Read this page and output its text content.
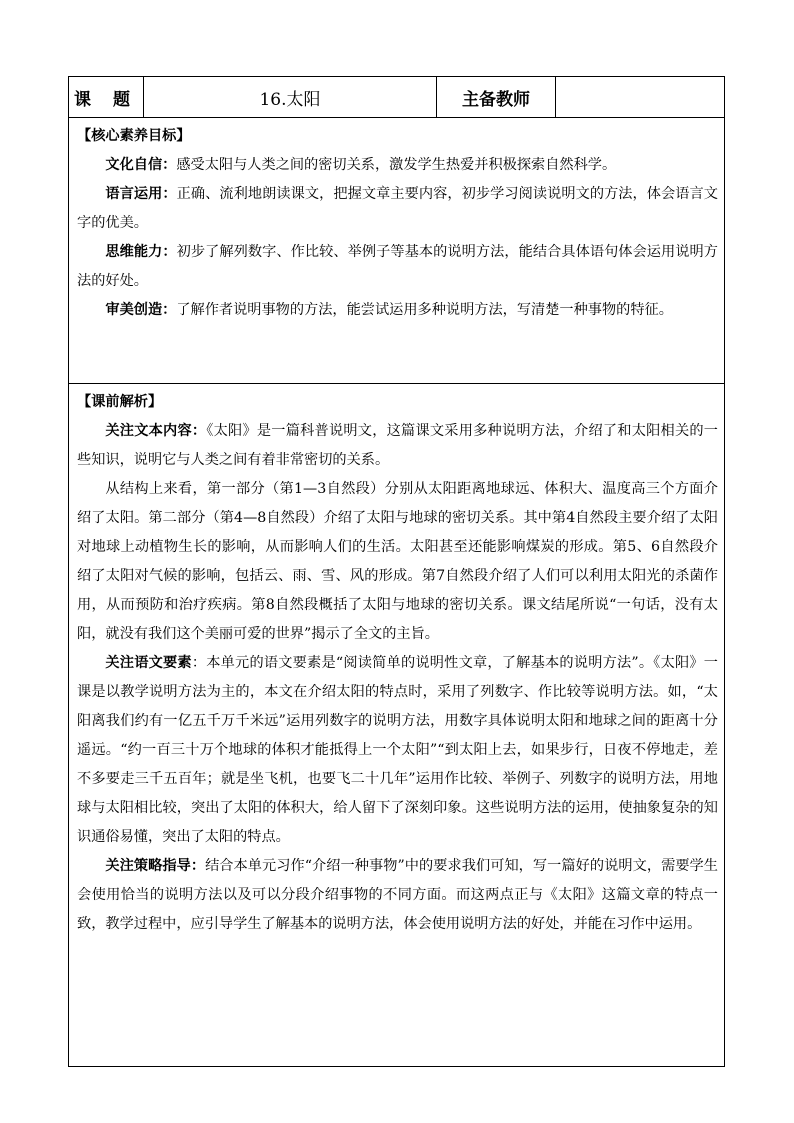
课 题	16.太阳	主备教师
【核心素养目标】

文化自信：感受太阳与人类之间的密切关系，激发学生热爱并积极探索自然科学。

语言运用：正确、流利地朗读课文，把握文章主要内容，初步学习阅读说明文的方法，体会语言文字的优美。

思维能力：初步了解列数字、作比较、举例子等基本的说明方法，能结合具体语句体会运用说明方法的好处。

审美创造：了解作者说明事物的方法，能尝试运用多种说明方法，写清楚一种事物的特征。

【课前解析】

关注文本内容：《太阳》是一篇科普说明文，这篇课文采用多种说明方法，介绍了和太阳相关的一些知识，说明它与人类之间有着非常密切的关系。

从结构上来看，第一部分（第1—3自然段）分别从太阳距离地球远、体积大、温度高三个方面介绍了太阳。第二部分（第4—8自然段）介绍了太阳与地球的密切关系。其中第4自然段主要介绍了太阳对地球上动植物生长的影响，从而影响人们的生活。太阳甚至还能影响煤炭的形成。第5、6自然段介绍了太阳对气候的影响，包括云、雨、雪、风的形成。第7自然段介绍了人们可以利用太阳光的杀菌作用，从而预防和治疗疾病。第8自然段概括了太阳与地球的密切关系。课文结尾所说“一句话，没有太阳，就没有我们这个美丽可爱的世界”揭示了全文的主旨。

关注语文要素：本单元的语文要素是“阅读简单的说明性文章，了解基本的说明方法”。《太阳》一课是以教学说明方法为主的，本文在介绍太阳的特点时，采用了列数字、作比较等说明方法。如，“太阳离我们约有一亿五千万千米远”运用列数字的说明方法，用数字具体说明太阳和地球之间的距离十分遥远。“约一百三十万个地球的体积才能抵得上一个太阳”“到太阳上去，如果步行，日夜不停地走，差不多要走三千五百年；就是坐飞机，也要飞二十几年”运用作比较、举例子、列数字的说明方法，用地球与太阳相比较，突出了太阳的体积大，给人留下了深刻印象。这些说明方法的运用，使抽象复杂的知识通俗易懂，突出了太阳的特点。

关注策略指导：结合本单元习作“介绍一种事物”中的要求我们可知，写一篇好的说明文，需要学生会使用恰当的说明方法以及可以分段介绍事物的不同方面。而这两点正与《太阳》这篇文章的特点一致，教学过程中，应引导学生了解基本的说明方法，体会使用说明方法的好处，并能在习作中运用。
